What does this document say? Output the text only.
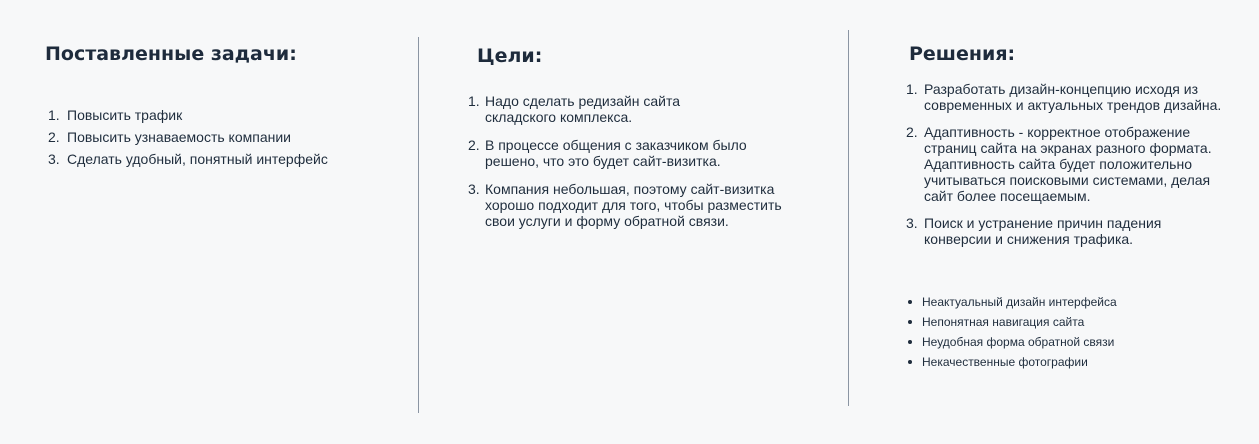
Поставленные задачи:
1. Повысить трафик
2. Повысить узнаваемость компании
3. Сделать удобный, понятный интерфейс
Цели:
1. Надо сделать редизайн сайта складского комплекса.
2. В процессе общения с заказчиком было решено, что это будет сайт-визитка.
3. Компания небольшая, поэтому сайт-визитка хорошо подходит для того, чтобы разместить свои услуги и форму обратной связи.
Решения:
1. Разработать дизайн-концепцию исходя из современных и актуальных трендов дизайна.
2. Адаптивность - корректное отображение страниц сайта на экранах разного формата. Адаптивность сайта будет положительно учитываться поисковыми системами, делая сайт более посещаемым.
3. Поиск и устранение причин падения конверсии и снижения трафика.
Неактуальный дизайн интерфейса
Непонятная навигация сайта
Неудобная форма обратной связи
Некачественные фотографии
